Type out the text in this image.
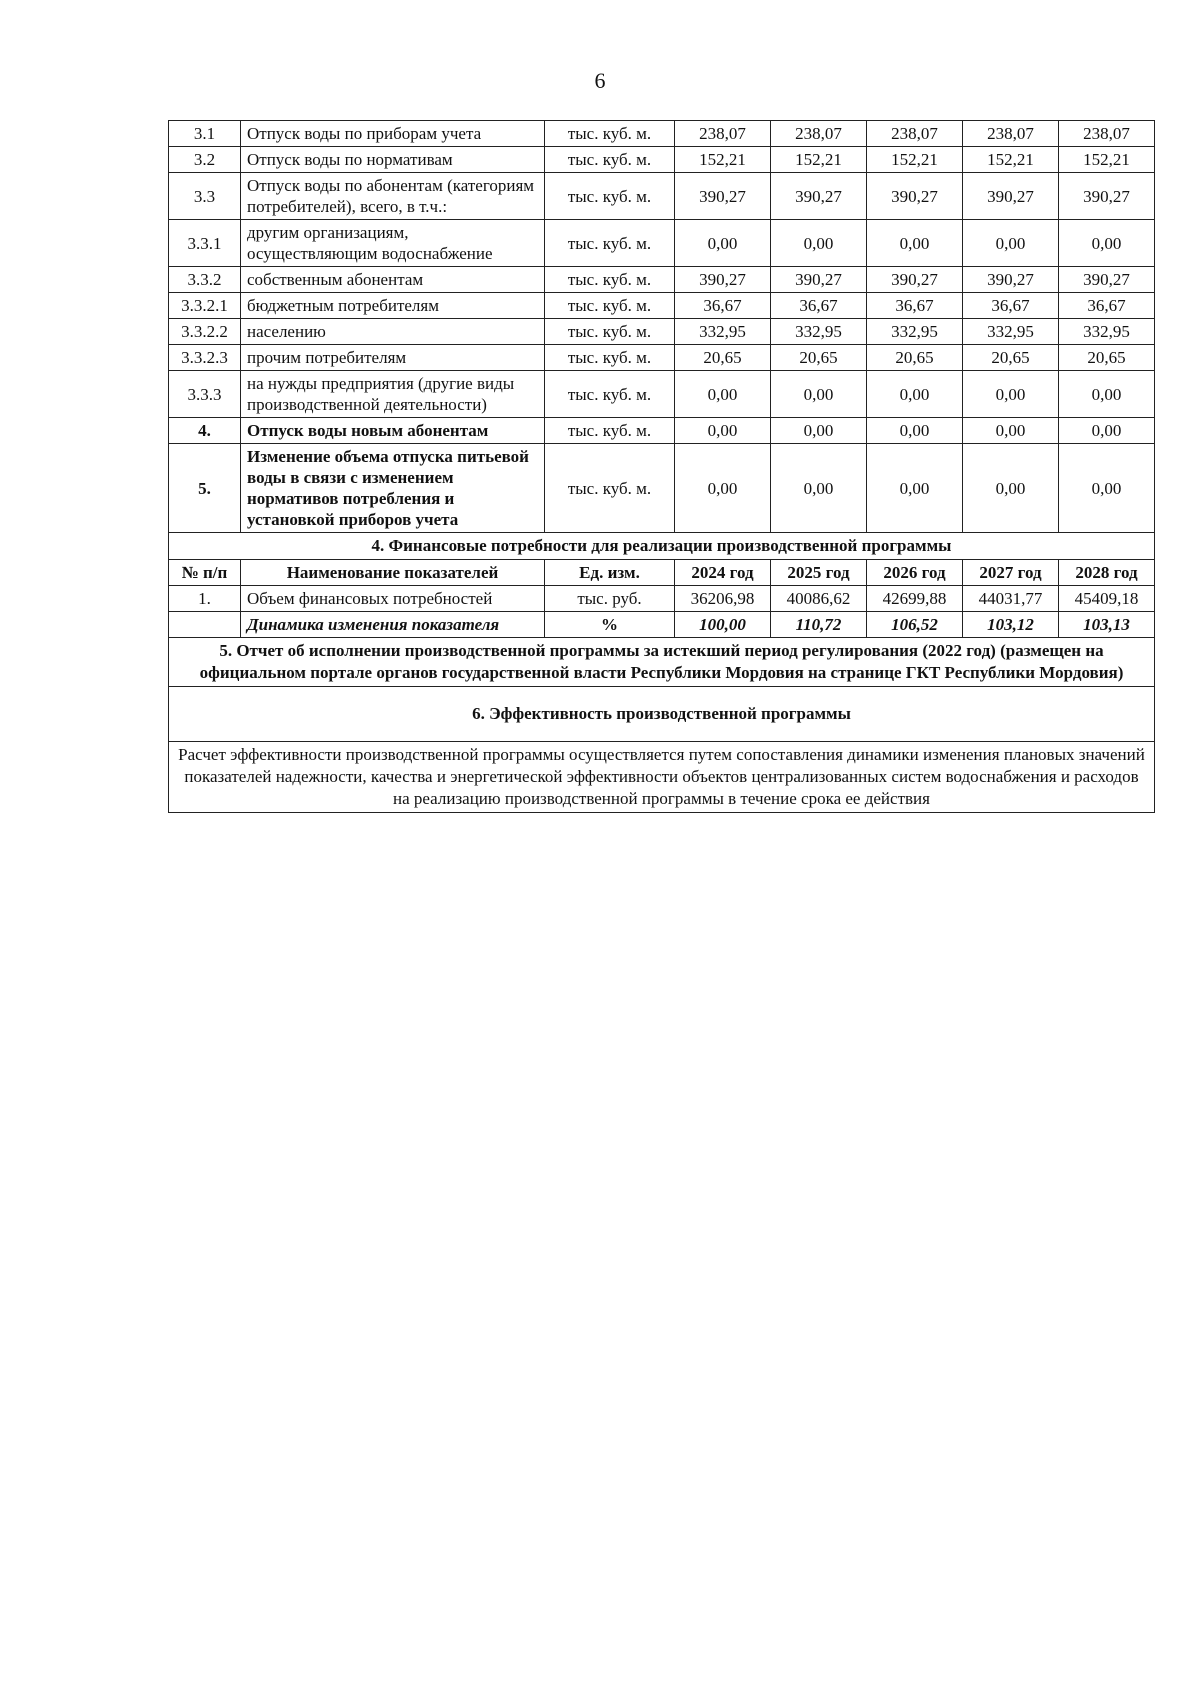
6
3.1	Отпуск воды по приборам учета	тыс. куб. м.	238,07	238,07	238,07	238,07	238,07
3.2	Отпуск воды по нормативам	тыс. куб. м.	152,21	152,21	152,21	152,21	152,21
3.3	Отпуск воды по абонентам (категориям потребителей), всего, в т.ч.:	тыс. куб. м.	390,27	390,27	390,27	390,27	390,27
3.3.1	другим организациям, осуществляющим водоснабжение	тыс. куб. м.	0,00	0,00	0,00	0,00	0,00
3.3.2	собственным абонентам	тыс. куб. м.	390,27	390,27	390,27	390,27	390,27
3.3.2.1	бюджетным потребителям	тыс. куб. м.	36,67	36,67	36,67	36,67	36,67
3.3.2.2	населению	тыс. куб. м.	332,95	332,95	332,95	332,95	332,95
3.3.2.3	прочим потребителям	тыс. куб. м.	20,65	20,65	20,65	20,65	20,65
3.3.3	на нужды предприятия (другие виды производственной деятельности)	тыс. куб. м.	0,00	0,00	0,00	0,00	0,00
4.	Отпуск воды новым абонентам	тыс. куб. м.	0,00	0,00	0,00	0,00	0,00
5.	Изменение объема отпуска питьевой воды в связи с изменением нормативов потребления и установкой приборов учета	тыс. куб. м.	0,00	0,00	0,00	0,00	0,00
4. Финансовые потребности для реализации производственной программы							
№ п/п	Наименование показателей	Ед. изм.	2024 год	2025 год	2026 год	2027 год	2028 год
1.	Объем финансовых потребностей	тыс. руб.	36206,98	40086,62	42699,88	44031,77	45409,18
	Динамика изменения показателя	%	100,00	110,72	106,52	103,12	103,13
5. Отчет об исполнении производственной программы за истекший период регулирования (2022 год) (размещен на официальном портале органов государственной власти Республики Мордовия на странице ГКТ Республики Мордовия)							
6. Эффективность производственной программы							
Расчет эффективности производственной программы осуществляется путем сопоставления динамики изменения плановых значений показателей надежности, качества и энергетической эффективности объектов централизованных систем водоснабжения и расходов на реализацию производственной программы в течение срока ее действия							
